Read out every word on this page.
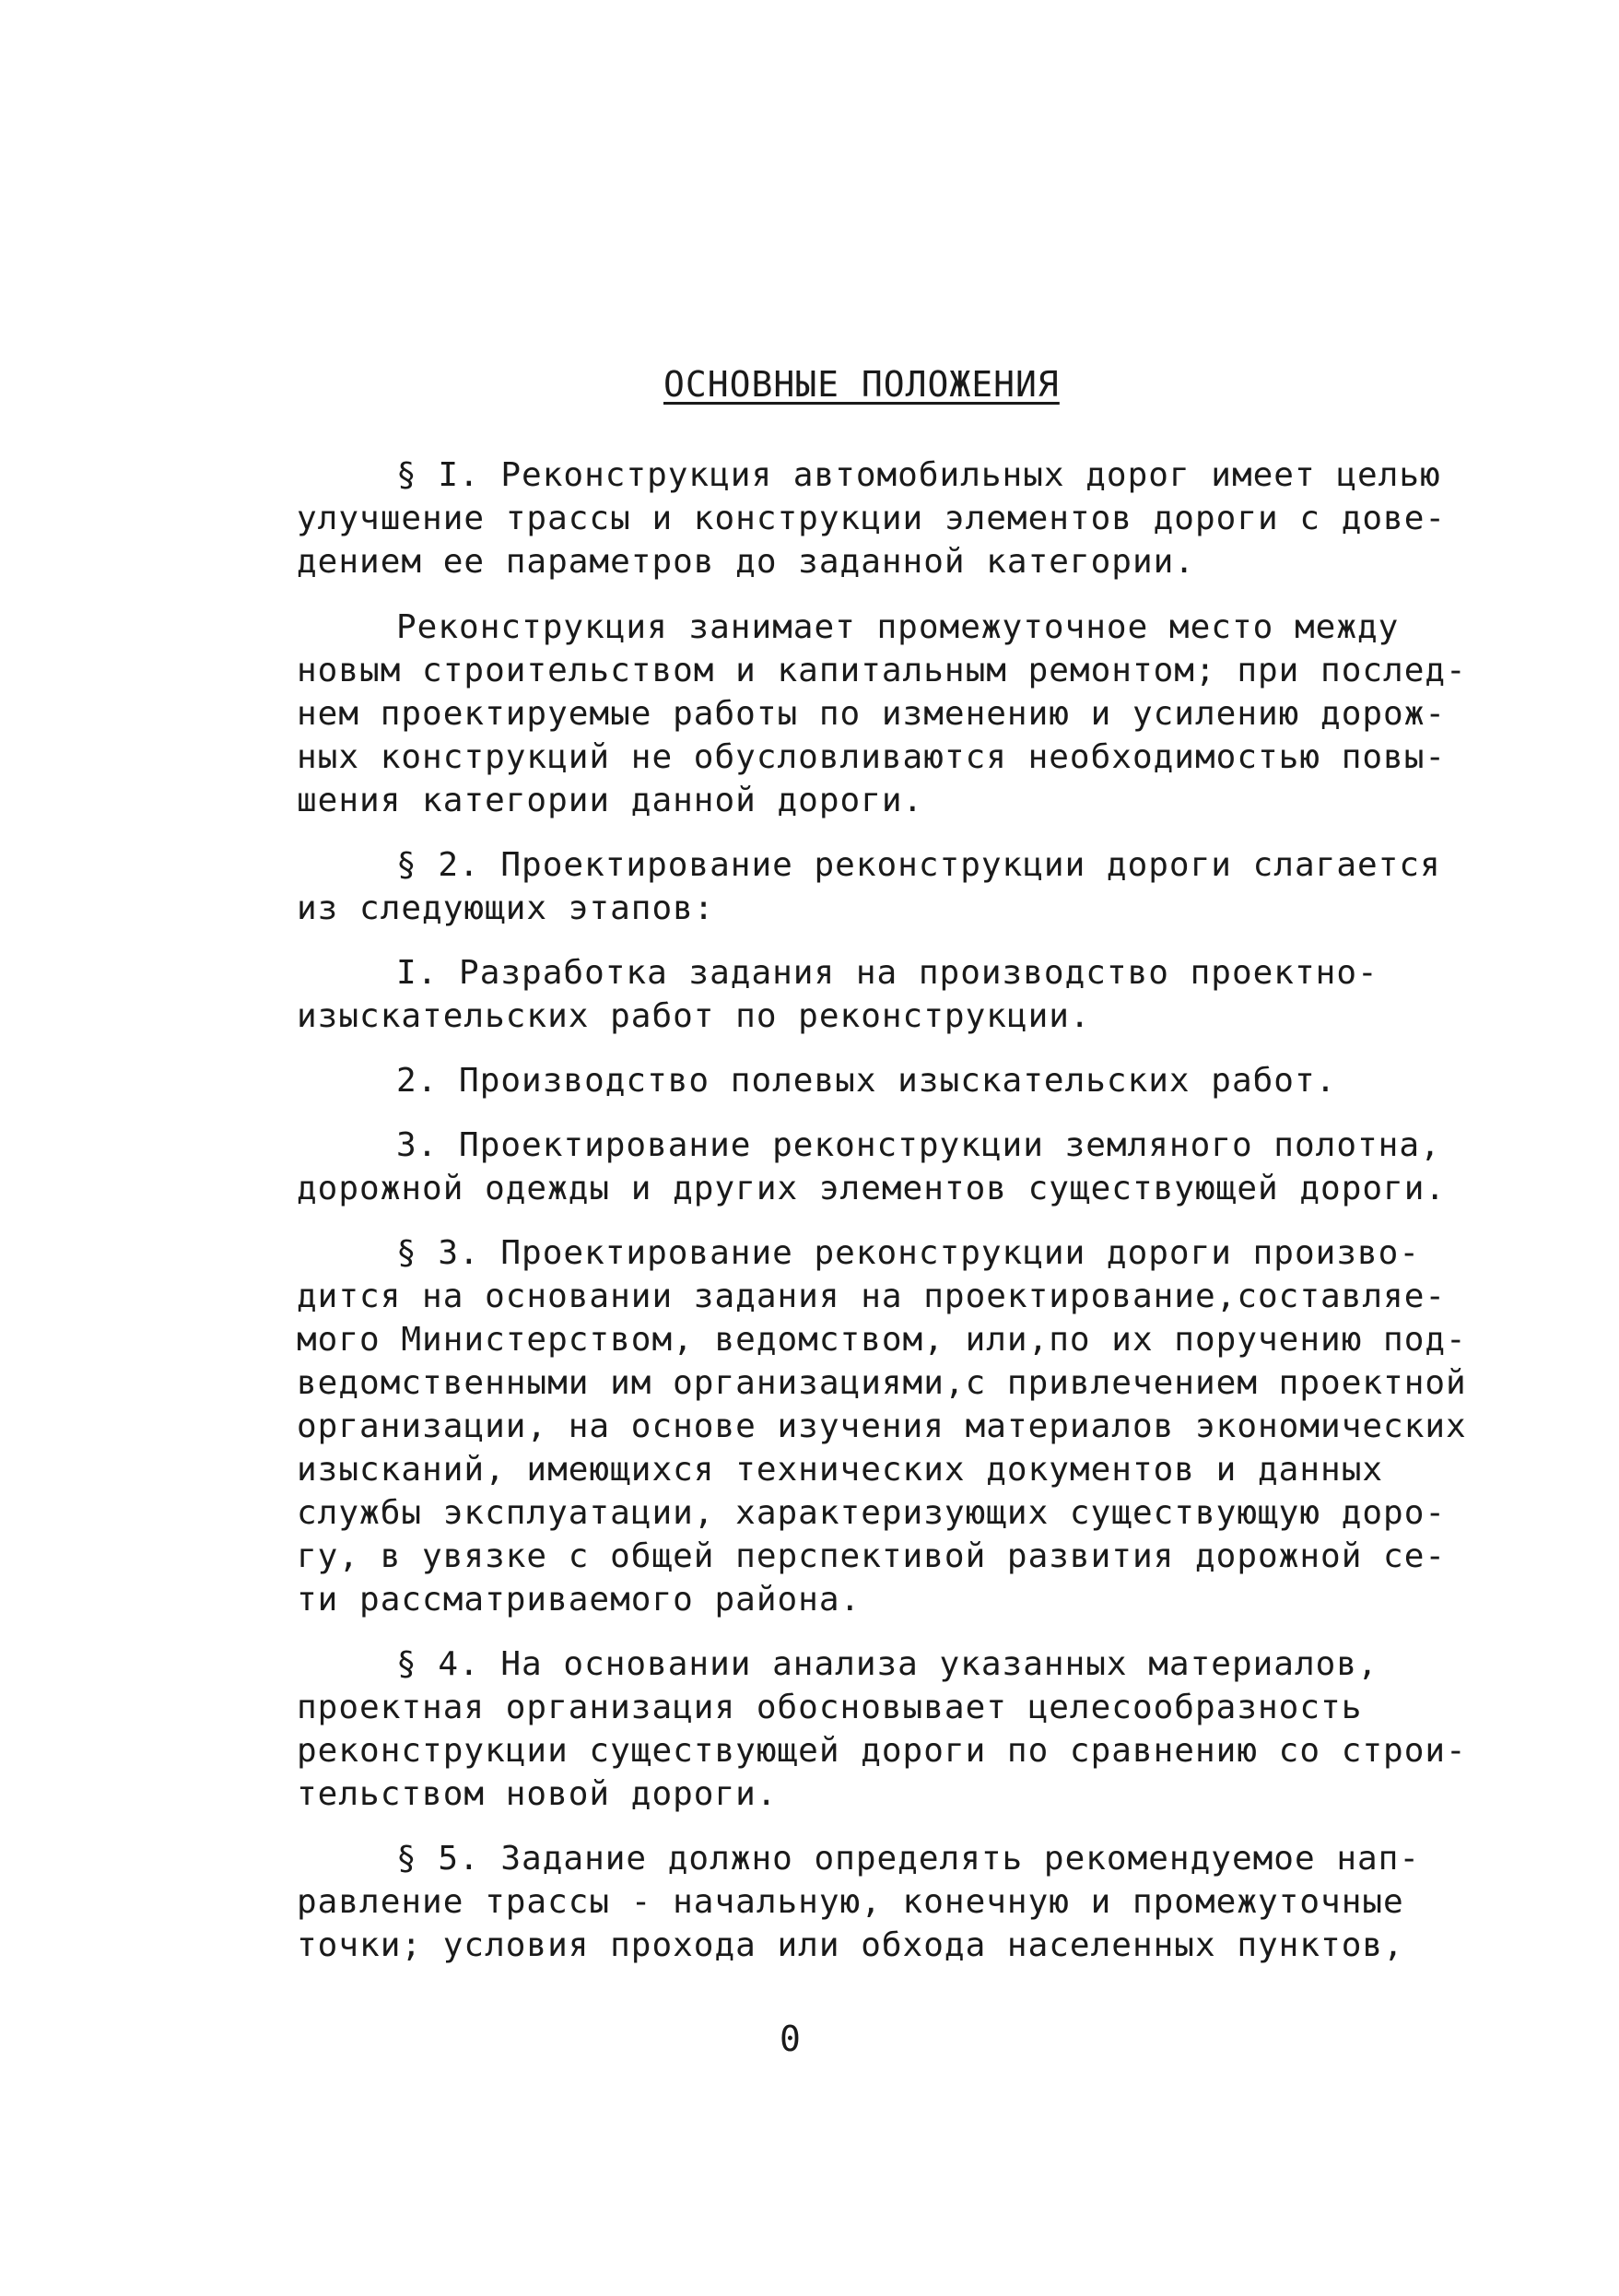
ОСНОВНЫЕ ПОЛОЖЕНИЯ
§ I. Реконструкция автомобильных дорог имеет целью
улучшение трассы и конструкции элементов дороги с дове-
дением ее параметров до заданной категории.
Реконструкция занимает промежуточное место между
новым строительством и капитальным ремонтом; при послед-
нем проектируемые работы по изменению и усилению дорож-
ных конструкций не обусловливаются необходимостью повы-
шения категории данной дороги.
§ 2. Проектирование реконструкции дороги слагается
из следующих этапов:
I. Разработка задания на производство проектно-
изыскательских работ по реконструкции.
2. Производство полевых изыскательских работ.
3. Проектирование реконструкции земляного полотна,
дорожной одежды и других элементов существующей дороги.
§ 3. Проектирование реконструкции дороги произво-
дится на основании задания на проектирование,составляе-
мого Министерством, ведомством, или,по их поручению под-
ведомственными им организациями,с привлечением проектной
организации, на основе изучения материалов экономических
изысканий, имеющихся технических документов и данных
службы эксплуатации, характеризующих существующую доро-
гу, в увязке с общей перспективой развития дорожной се-
ти рассматриваемого района.
§ 4. На основании анализа указанных материалов,
проектная организация обосновывает целесообразность
реконструкции существующей дороги по сравнению со строи-
тельством новой дороги.
§ 5. Задание должно определять рекомендуемое нап-
равление трассы - начальную, конечную и промежуточные
точки; условия прохода или обхода населенных пунктов,
0
